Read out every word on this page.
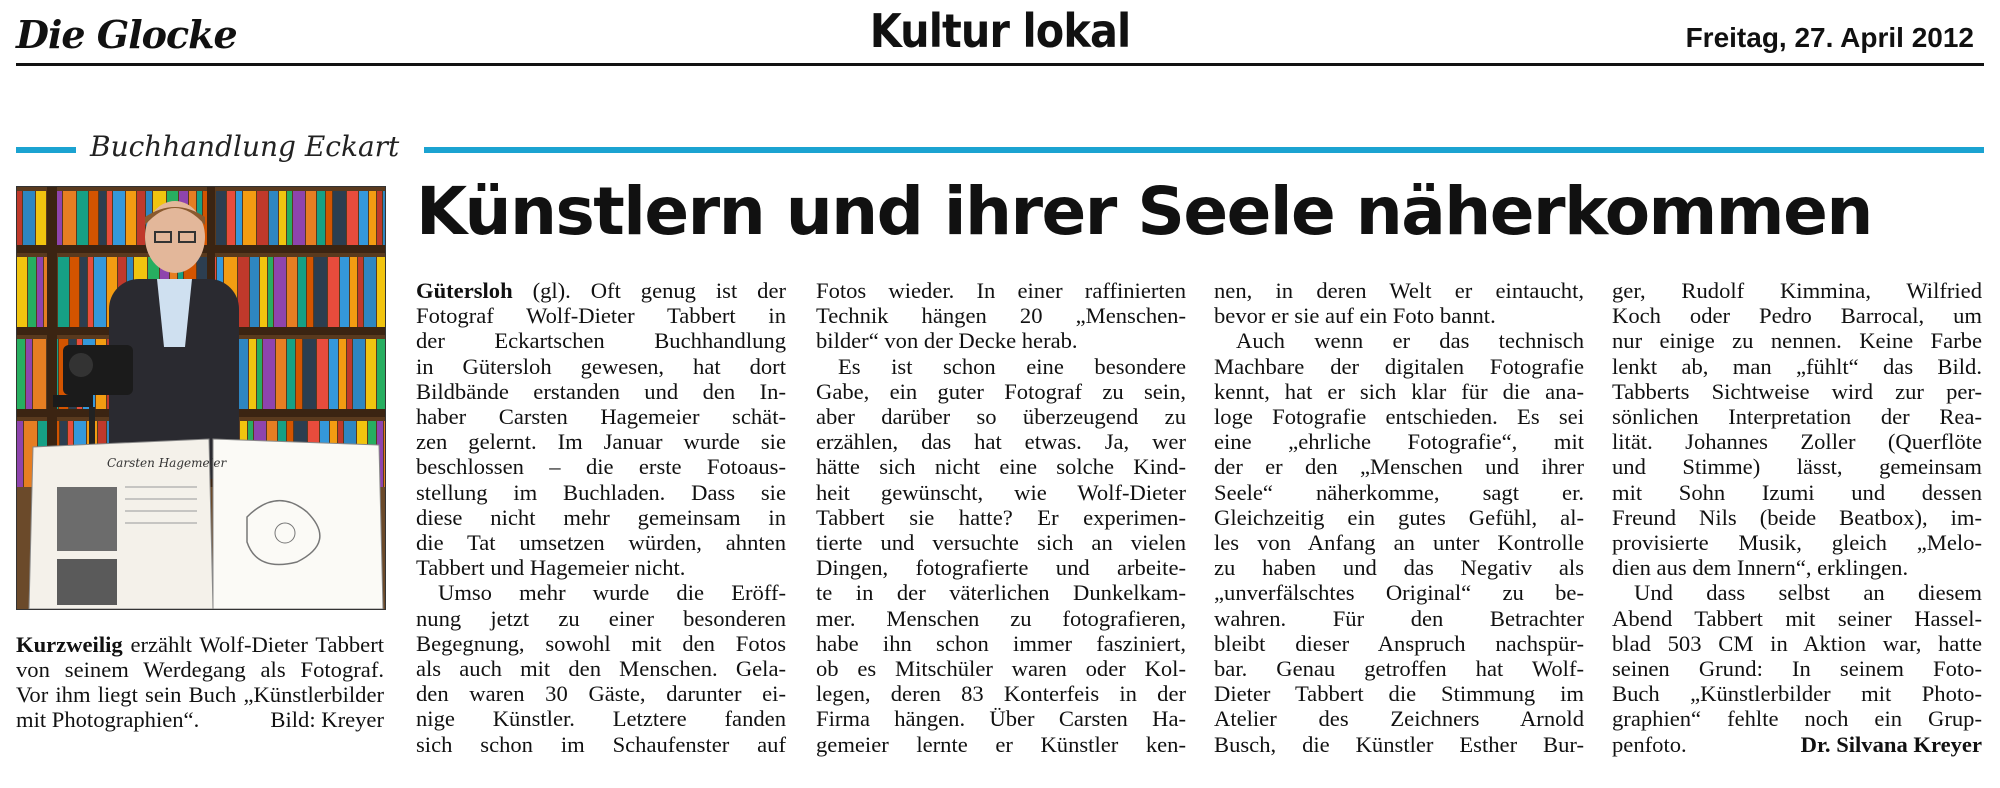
Die Glocke	Kultur lokal	Freitag, 27. April 2012
Buchhandlung Eckart
Künstlern und ihrer Seele näherkommen
Carsten Hagemeier
Kurzweilig erzählt Wolf-Dieter Tabbert von seinem Werdegang als Fotograf. Vor ihm liegt sein Buch „Künstlerbilder mit Photographien“.	Bild: Kreyer
Gütersloh (gl). Oft genug ist der
Fotograf Wolf-Dieter Tabbert in
der Eckartschen Buchhandlung
in Gütersloh gewesen, hat dort
Bildbände erstanden und den In-
haber Carsten Hagemeier schät-
zen gelernt. Im Januar wurde sie
beschlossen – die erste Fotoaus-
stellung im Buchladen. Dass sie
diese nicht mehr gemeinsam in
die Tat umsetzen würden, ahnten
Tabbert und Hagemeier nicht.
Umso mehr wurde die Eröff-
nung jetzt zu einer besonderen
Begegnung, sowohl mit den Fotos
als auch mit den Menschen. Gela-
den waren 30 Gäste, darunter ei-
nige Künstler. Letztere fanden
sich schon im Schaufenster auf
Fotos wieder. In einer raffinierten
Technik hängen 20 „Menschen-
bilder“ von der Decke herab.
Es ist schon eine besondere
Gabe, ein guter Fotograf zu sein,
aber darüber so überzeugend zu
erzählen, das hat etwas. Ja, wer
hätte sich nicht eine solche Kind-
heit gewünscht, wie Wolf-Dieter
Tabbert sie hatte? Er experimen-
tierte und versuchte sich an vielen
Dingen, fotografierte und arbeite-
te in der väterlichen Dunkelkam-
mer. Menschen zu fotografieren,
habe ihn schon immer fasziniert,
ob es Mitschüler waren oder Kol-
legen, deren 83 Konterfeis in der
Firma hängen. Über Carsten Ha-
gemeier lernte er Künstler ken-
nen, in deren Welt er eintaucht,
bevor er sie auf ein Foto bannt.
Auch wenn er das technisch
Machbare der digitalen Fotografie
kennt, hat er sich klar für die ana-
loge Fotografie entschieden. Es sei
eine „ehrliche Fotografie“, mit
der er den „Menschen und ihrer
Seele“ näherkomme, sagt er.
Gleichzeitig ein gutes Gefühl, al-
les von Anfang an unter Kontrolle
zu haben und das Negativ als
„unverfälschtes Original“ zu be-
wahren. Für den Betrachter
bleibt dieser Anspruch nachspür-
bar. Genau getroffen hat Wolf-
Dieter Tabbert die Stimmung im
Atelier des Zeichners Arnold
Busch, die Künstler Esther Bur-
ger, Rudolf Kimmina, Wilfried
Koch oder Pedro Barrocal, um
nur einige zu nennen. Keine Farbe
lenkt ab, man „fühlt“ das Bild.
Tabberts Sichtweise wird zur per-
sönlichen Interpretation der Rea-
lität. Johannes Zoller (Querflöte
und Stimme) lässt, gemeinsam
mit Sohn Izumi und dessen
Freund Nils (beide Beatbox), im-
provisierte Musik, gleich „Melo-
dien aus dem Innern“, erklingen.
Und dass selbst an diesem
Abend Tabbert mit seiner Hassel-
blad 503 CM in Aktion war, hatte
seinen Grund: In seinem Foto-
Buch „Künstlerbilder mit Photo-
graphien“ fehlte noch ein Grup-
penfoto.	Dr. Silvana Kreyer
